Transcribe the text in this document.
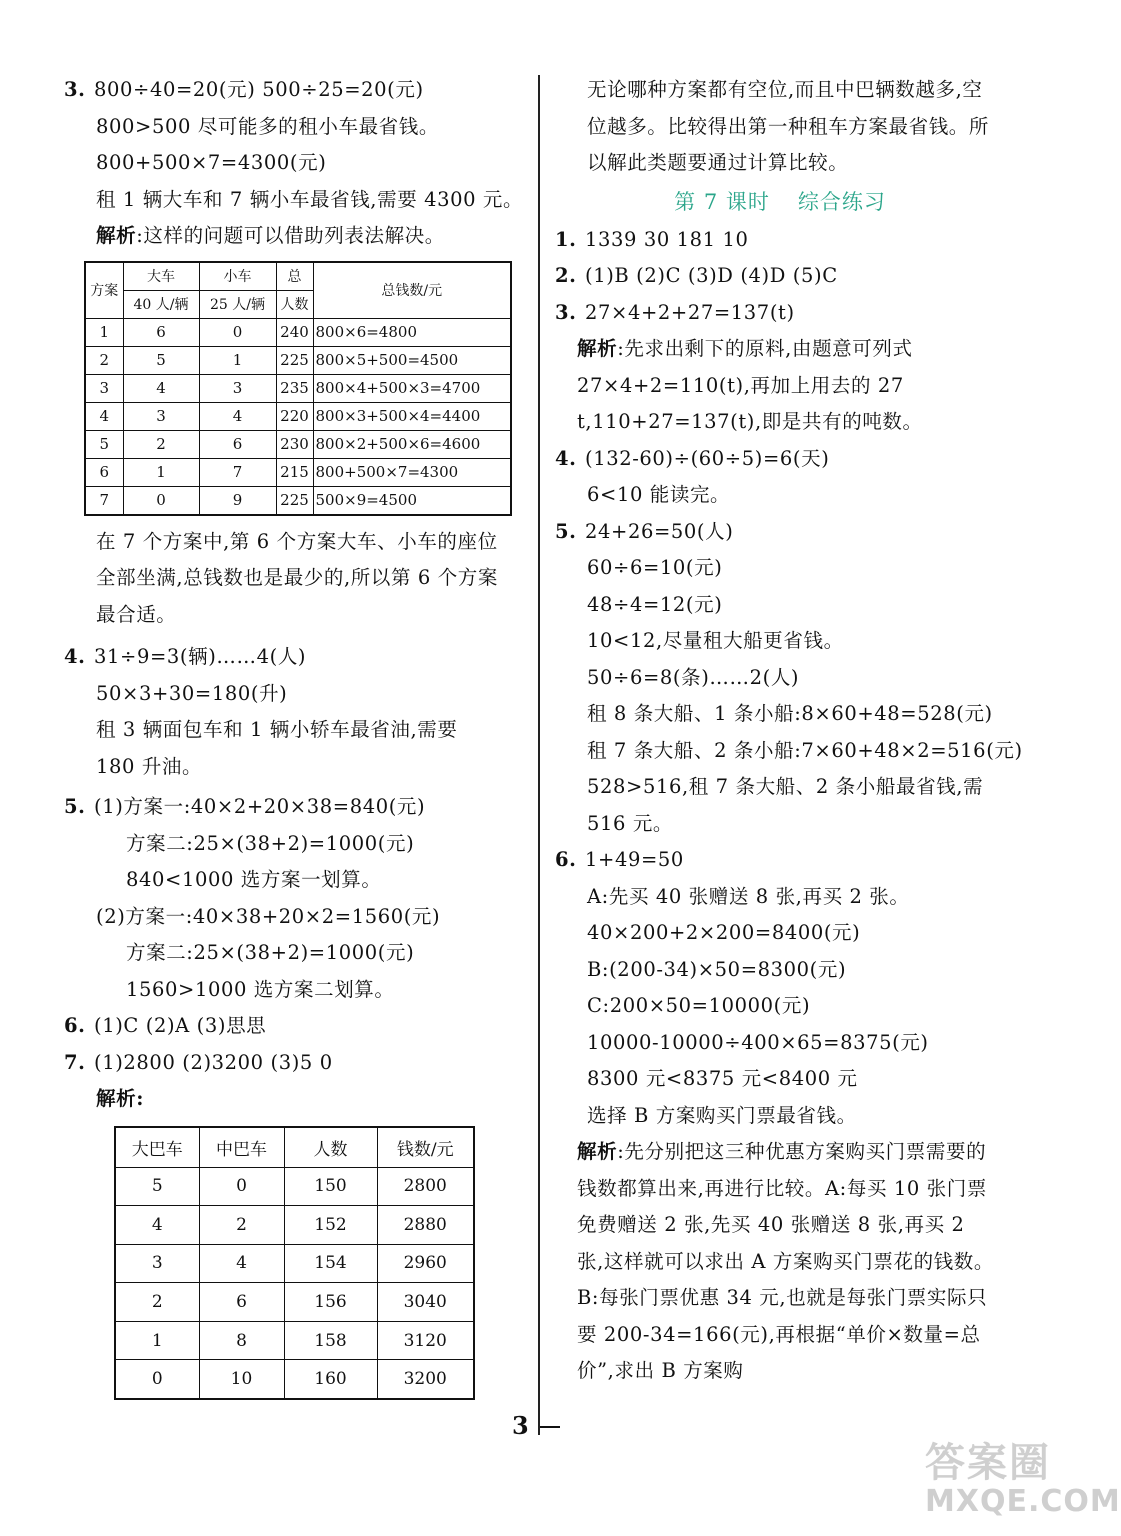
3. 800÷40=20(元) 500÷25=20(元)
800>500 尽可能多的租小车最省钱。
800+500×7=4300(元)
租 1 辆大车和 7 辆小车最省钱,需要 4300 元。
解析:这样的问题可以借助列表法解决。
方案	大车	小车	总	总钱数/元
	40 人/辆	25 人/辆	人数	
1	6	0	240	800×6=4800
2	5	1	225	800×5+500=4500
3	4	3	235	800×4+500×3=4700
4	3	4	220	800×3+500×4=4400
5	2	6	230	800×2+500×6=4600
6	1	7	215	800+500×7=4300
7	0	9	225	500×9=4500
在 7 个方案中,第 6 个方案大车、小车的座位全部坐满,总钱数也是最少的,所以第 6 个方案最合适。
4. 31÷9=3(辆)……4(人)
50×3+30=180(升)
租 3 辆面包车和 1 辆小轿车最省油,需要
180 升油。
5. (1)方案一:40×2+20×38=840(元)
方案二:25×(38+2)=1000(元)
840<1000 选方案一划算。
(2)方案一:40×38+20×2=1560(元)
方案二:25×(38+2)=1000(元)
1560>1000 选方案二划算。
6. (1)C (2)A (3)思思
7. (1)2800 (2)3200 (3)5 0
解析:
大巴车	中巴车	人数	钱数/元
5	0	150	2800
4	2	152	2880
3	4	154	2960
2	6	156	3040
1	8	158	3120
0	10	160	3200
无论哪种方案都有空位,而且中巴辆数越多,空位越多。比较得出第一种租车方案最省钱。所以解此类题要通过计算比较。
第 7 课时 综合练习
1. 1339 30 181 10
2. (1)B (2)C (3)D (4)D (5)C
3. 27×4+2+27=137(t)
解析:先求出剩下的原料,由题意可列式 27×4+2=110(t),再加上用去的 27 t,110+27=137(t),即是共有的吨数。
4. (132-60)÷(60÷5)=6(天)
6<10 能读完。
5. 24+26=50(人)
60÷6=10(元)
48÷4=12(元)
10<12,尽量租大船更省钱。
50÷6=8(条)……2(人)
租 8 条大船、1 条小船:8×60+48=528(元)
租 7 条大船、2 条小船:7×60+48×2=516(元)
528>516,租 7 条大船、2 条小船最省钱,需
516 元。
6. 1+49=50
A:先买 40 张赠送 8 张,再买 2 张。
40×200+2×200=8400(元)
B:(200-34)×50=8300(元)
C:200×50=10000(元)
10000-10000÷400×65=8375(元)
8300 元<8375 元<8400 元
选择 B 方案购买门票最省钱。
解析:先分别把这三种优惠方案购买门票需要的钱数都算出来,再进行比较。A:每买 10 张门票免费赠送 2 张,先买 40 张赠送 8 张,再买 2 张,这样就可以求出 A 方案购买门票花的钱数。B:每张门票优惠 34 元,也就是每张门票实际只要 200-34=166(元),再根据“单价×数量=总价”,求出 B 方案购
3
答案圈
MXQE.COM
